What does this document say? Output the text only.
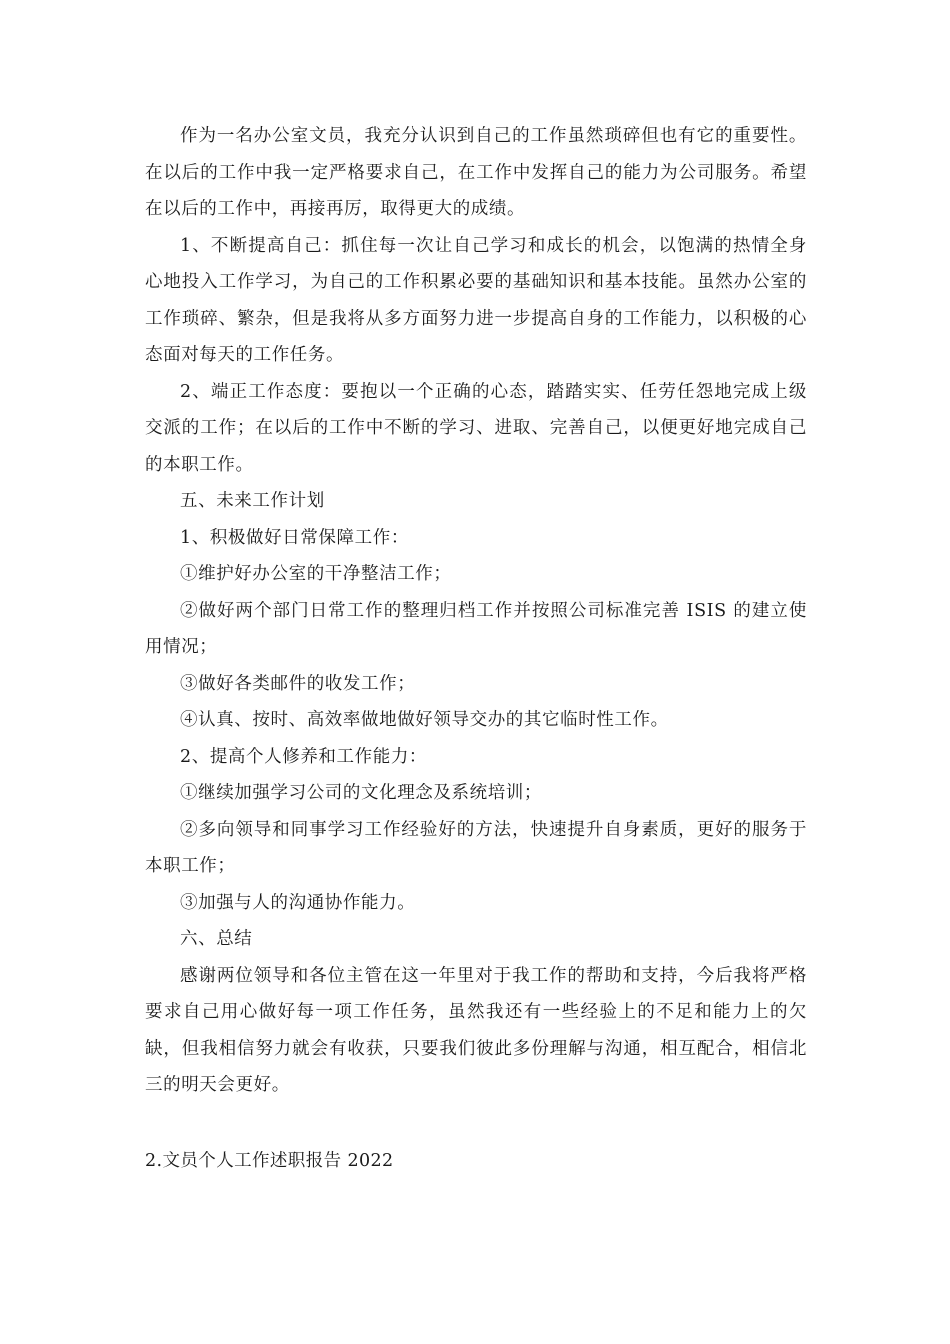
作为一名办公室文员，我充分认识到自己的工作虽然琐碎但也有它的重要性。在以后的工作中我一定严格要求自己，在工作中发挥自己的能力为公司服务。希望在以后的工作中，再接再厉，取得更大的成绩。

1、不断提高自己：抓住每一次让自己学习和成长的机会，以饱满的热情全身心地投入工作学习，为自己的工作积累必要的基础知识和基本技能。虽然办公室的工作琐碎、繁杂，但是我将从多方面努力进一步提高自身的工作能力，以积极的心态面对每天的工作任务。

2、端正工作态度：要抱以一个正确的心态，踏踏实实、任劳任怨地完成上级交派的工作；在以后的工作中不断的学习、进取、完善自己，以便更好地完成自己的本职工作。

五、未来工作计划

1、积极做好日常保障工作：

①维护好办公室的干净整洁工作；

②做好两个部门日常工作的整理归档工作并按照公司标准完善 ISIS 的建立使用情况；

③做好各类邮件的收发工作；

④认真、按时、高效率做地做好领导交办的其它临时性工作。

2、提高个人修养和工作能力：

①继续加强学习公司的文化理念及系统培训；

②多向领导和同事学习工作经验好的方法，快速提升自身素质，更好的服务于本职工作；

③加强与人的沟通协作能力。

六、总结

感谢两位领导和各位主管在这一年里对于我工作的帮助和支持，今后我将严格要求自己用心做好每一项工作任务，虽然我还有一些经验上的不足和能力上的欠缺，但我相信努力就会有收获，只要我们彼此多份理解与沟通，相互配合，相信北三的明天会更好。

2.文员个人工作述职报告 2022
